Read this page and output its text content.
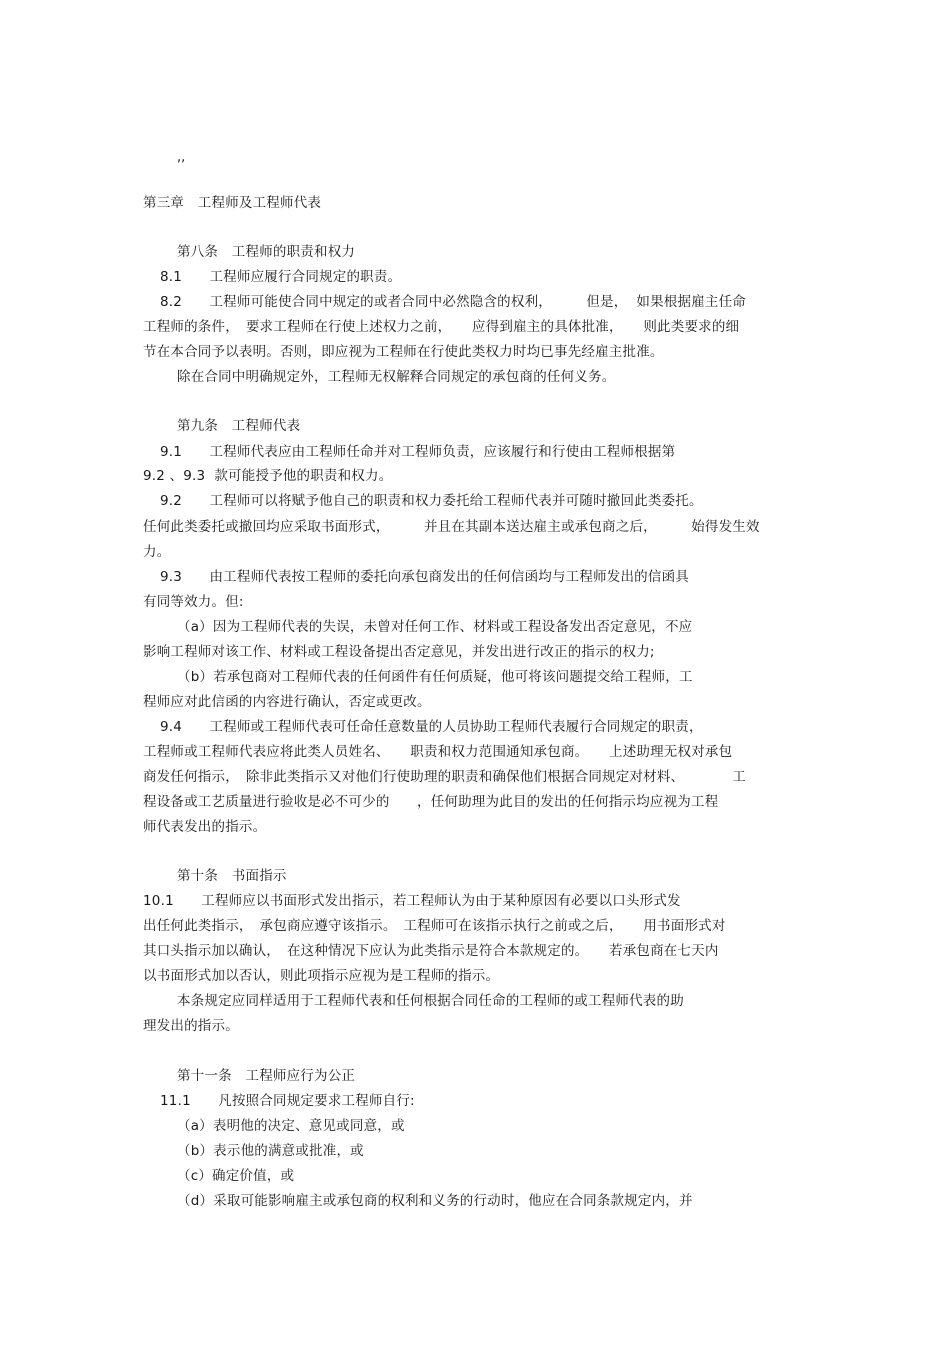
,,
第三章　工程师及工程师代表
第八条　工程师的职责和权力
8.1　　工程师应履行合同规定的职责。
8.2　　工程师可能使合同中规定的或者合同中必然隐含的权利，　　　但是，  如果根据雇主任命
工程师的条件，　要求工程师在行使上述权力之前，　　应得到雇主的具体批准，　　则此类要求的细
节在本合同予以表明。否则，即应视为工程师在行使此类权力时均已事先经雇主批准。
除在合同中明确规定外，工程师无权解释合同规定的承包商的任何义务。
第九条　工程师代表
9.1　　工程师代表应由工程师任命并对工程师负责，应该履行和行使由工程师根据第
9.2 、9.3  款可能授予他的职责和权力。
9.2　　工程师可以将赋予他自己的职责和权力委托给工程师代表并可随时撤回此类委托。
任何此类委托或撤回均应采取书面形式，　　　并且在其副本送达雇主或承包商之后，　　　始得发生效
力。
9.3　　由工程师代表按工程师的委托向承包商发出的任何信函均与工程师发出的信函具
有同等效力。但:
（a）因为工程师代表的失误，未曾对任何工作、材料或工程设备发出否定意见，不应
影响工程师对该工作、材料或工程设备提出否定意见，并发出进行改正的指示的权力;
（b）若承包商对工程师代表的任何函件有任何质疑，他可将该问题提交给工程师，工
程师应对此信函的内容进行确认，否定或更改。
9.4　　工程师或工程师代表可任命任意数量的人员协助工程师代表履行合同规定的职责，
工程师或工程师代表应将此类人员姓名、　　职责和权力范围通知承包商。　　上述助理无权对承包
商发任何指示，　除非此类指示又对他们行使助理的职责和确保他们根据合同规定对材料、　　　　工
程设备或工艺质量进行验收是必不可少的　　，任何助理为此目的发出的任何指示均应视为工程
师代表发出的指示。
第十条　书面指示
10.1　　工程师应以书面形式发出指示，若工程师认为由于某种原因有必要以口头形式发
出任何此类指示，　承包商应遵守该指示。　工程师可在该指示执行之前或之后，　　用书面形式对
其口头指示加以确认，　在这种情况下应认为此类指示是符合本款规定的。　　若承包商在七天内
以书面形式加以否认，则此项指示应视为是工程师的指示。
本条规定应同样适用于工程师代表和任何根据合同任命的工程师的或工程师代表的助
理发出的指示。
第十一条　工程师应行为公正
11.1　　凡按照合同规定要求工程师自行:
（a）表明他的决定、意见或同意，或
（b）表示他的满意或批准，或
（c）确定价值，或
（d）采取可能影响雇主或承包商的权利和义务的行动时，他应在合同条款规定内，并
